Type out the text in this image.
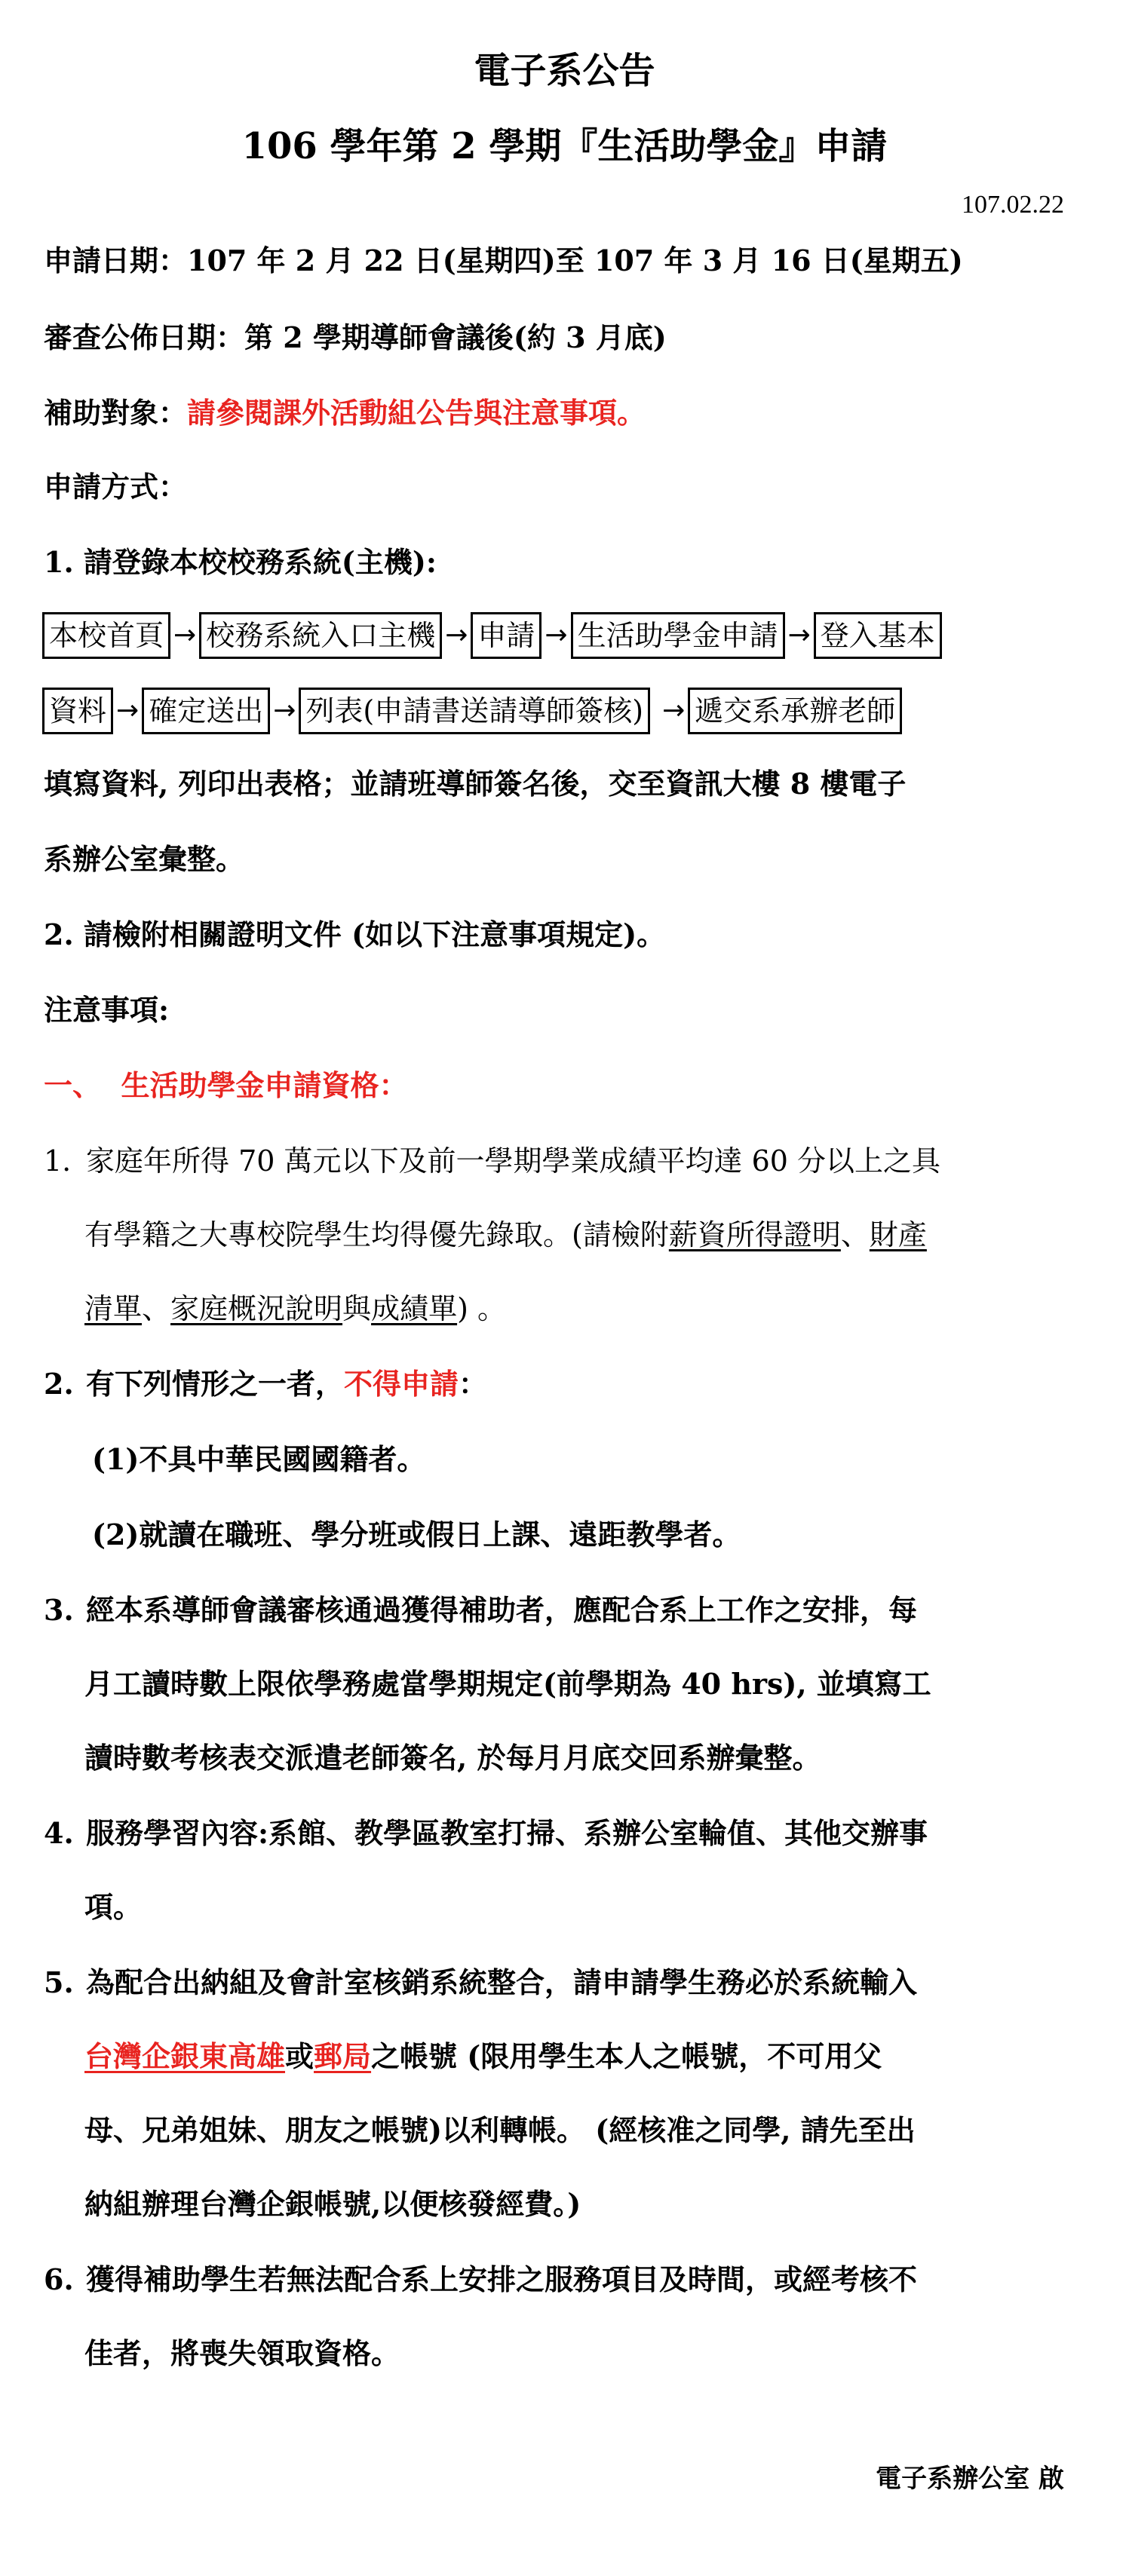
電子系公告
106 學年第 2 學期『生活助學金』申請
107.02.22
申請日期：107 年 2 月 22 日(星期四)至 107 年 3 月 16 日(星期五)
審查公佈日期：第 2 學期導師會議後(約 3 月底)
補助對象：請參閱課外活動組公告與注意事項。
申請方式：
1. 請登錄本校校務系統(主機):
本校首頁 → 校務系統入口主機 → 申請 → 生活助學金申請 → 登入基本
資料 → 確定送出 → 列表(申請書送請導師簽核) → 遞交系承辦老師
填寫資料, 列印出表格；並請班導師簽名後，交至資訊大樓 8 樓電子
系辦公室彙整。
2. 請檢附相關證明文件 (如以下注意事項規定)。
注意事項:
一、 生活助學金申請資格：
1. 家庭年所得 70 萬元以下及前一學期學業成績平均達 60 分以上之具
有學籍之大專校院學生均得優先錄取。(請檢附薪資所得證明、財產
清單、家庭概況說明與成績單) 。
2. 有下列情形之一者，不得申請：
(1)不具中華民國國籍者。
(2)就讀在職班、學分班或假日上課、遠距教學者。
3. 經本系導師會議審核通過獲得補助者，應配合系上工作之安排，每
月工讀時數上限依學務處當學期規定(前學期為 40 hrs), 並填寫工
讀時數考核表交派遣老師簽名, 於每月月底交回系辦彙整。
4. 服務學習內容:系館、教學區教室打掃、系辦公室輪值、其他交辦事
項。
5. 為配合出納組及會計室核銷系統整合，請申請學生務必於系統輸入
台灣企銀東高雄或郵局之帳號 (限用學生本人之帳號，不可用父
母、兄弟姐妹、朋友之帳號)以利轉帳。 (經核准之同學, 請先至出
納組辦理台灣企銀帳號,以便核發經費。)
6. 獲得補助學生若無法配合系上安排之服務項目及時間，或經考核不
佳者，將喪失領取資格。
電子系辦公室 啟
